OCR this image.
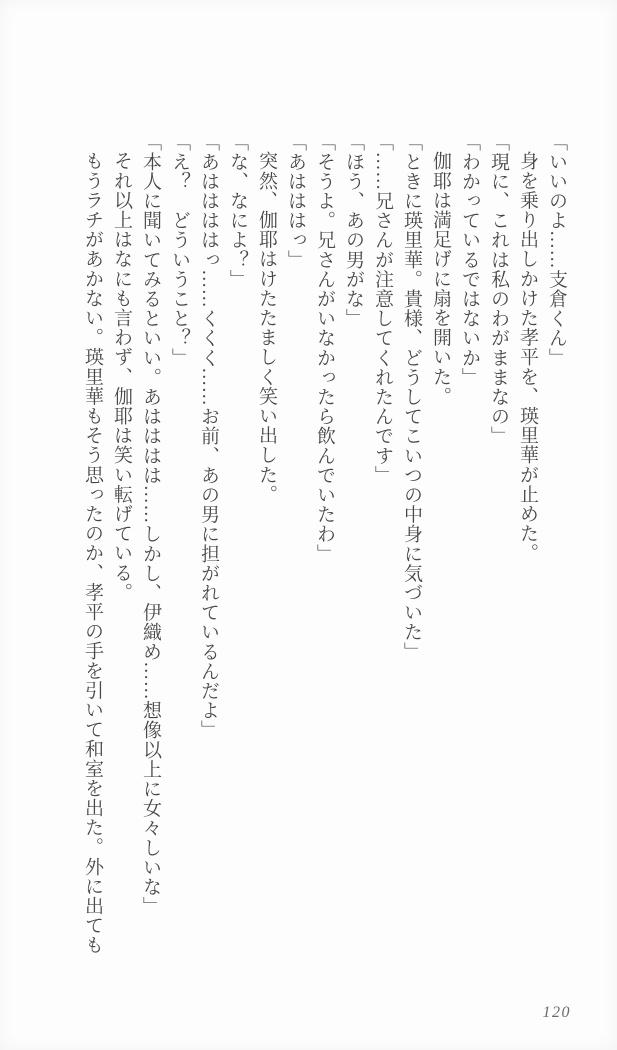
「いいのよ……支倉くん」

身を乗り出しかけた孝平を、瑛里華が止めた。

「現に、これは私のわがままなの」

「わかっているではないか」

伽耶は満足げに扇を開いた。

「ときに瑛里華。貴様、どうしてこいつの中身に気づいた」

「……兄さんが注意してくれたんです」

「ほう、あの男がな」

「そうよ。兄さんがいなかったら飲んでいたわ」

「あはははっ」

突然、伽耶はけたたましく笑い出した。

「な、なによ？」

「あははははっ……くくく……お前、あの男に担がれているんだよ」

「え？　どういうこと？」

「本人に聞いてみるといい。あはははは……しかし、伊織め……想像以上に女々しいな」

それ以上はなにも言わず、伽耶は笑い転げている。

もうラチがあかない。瑛里華もそう思ったのか、孝平の手を引いて和室を出た。外に出ても

120
